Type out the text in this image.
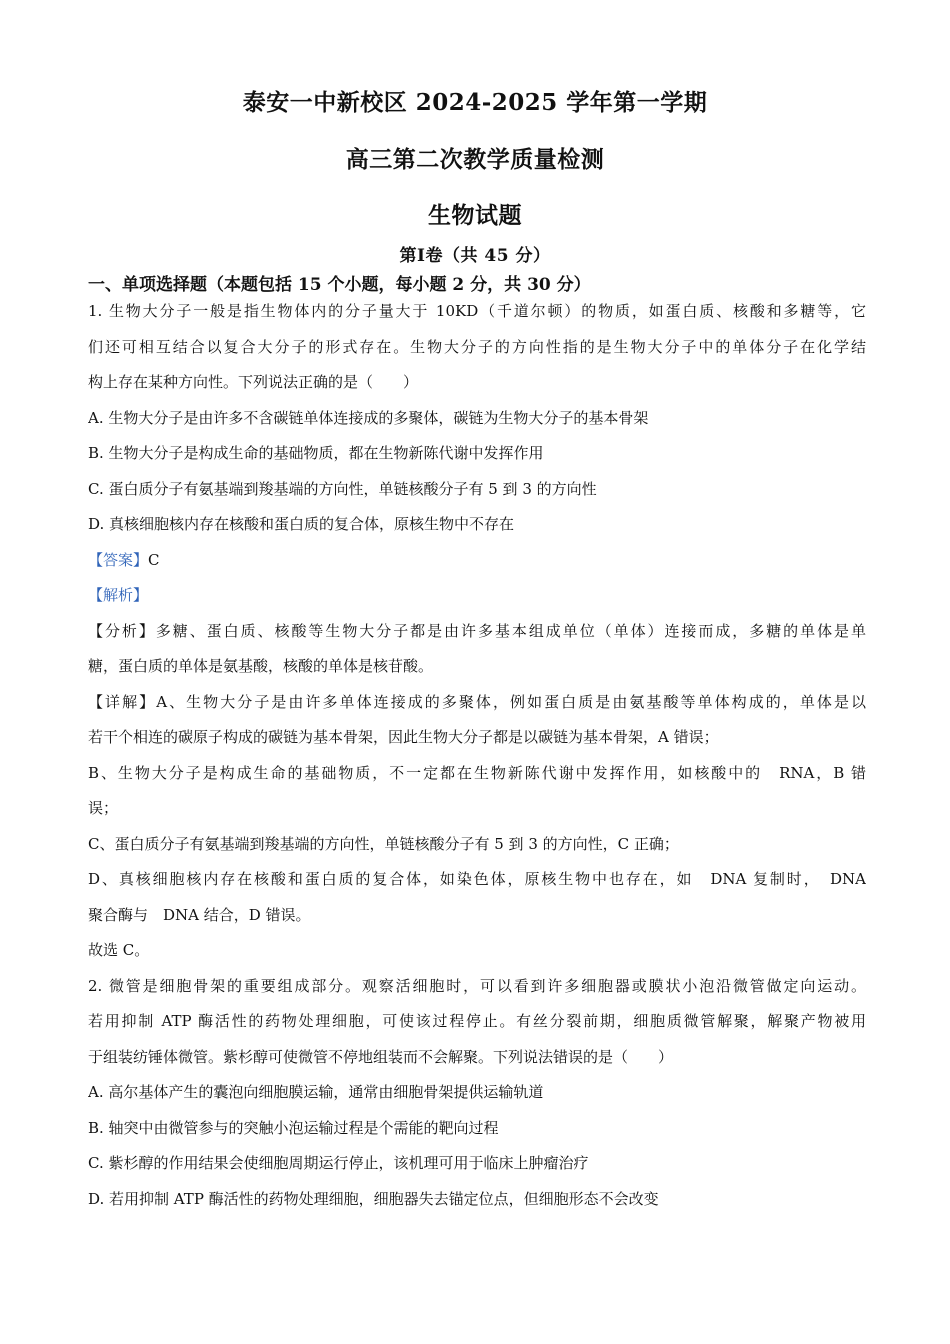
泰安一中新校区 2024-2025 学年第一学期
高三第二次教学质量检测
生物试题
第Ⅰ卷（共 45 分）
一、单项选择题（本题包括 15 个小题，每小题 2 分，共 30 分）
1. 生物大分子一般是指生物体内的分子量大于 10KD（千道尔顿）的物质，如蛋白质、核酸和多糖等，它
们还可相互结合以复合大分子的形式存在。生物大分子的方向性指的是生物大分子中的单体分子在化学结
构上存在某种方向性。下列说法正确的是（　　）
A. 生物大分子是由许多不含碳链单体连接成的多聚体，碳链为生物大分子的基本骨架
B. 生物大分子是构成生命的基础物质，都在生物新陈代谢中发挥作用
C. 蛋白质分子有氨基端到羧基端的方向性，单链核酸分子有 5 到 3 的方向性
D. 真核细胞核内存在核酸和蛋白质的复合体，原核生物中不存在
【答案】C
【解析】
【分析】多糖、蛋白质、核酸等生物大分子都是由许多基本组成单位（单体）连接而成，多糖的单体是单
糖，蛋白质的单体是氨基酸，核酸的单体是核苷酸。
【详解】A、生物大分子是由许多单体连接成的多聚体，例如蛋白质是由氨基酸等单体构成的，单体是以
若干个相连的碳原子构成的碳链为基本骨架，因此生物大分子都是以碳链为基本骨架，A 错误；
B、生物大分子是构成生命的基础物质，不一定都在生物新陈代谢中发挥作用，如核酸中的　RNA，B 错
误；
C、蛋白质分子有氨基端到羧基端的方向性，单链核酸分子有 5 到 3 的方向性，C 正确；
D、真核细胞核内存在核酸和蛋白质的复合体，如染色体，原核生物中也存在，如　DNA 复制时，　DNA
聚合酶与　DNA 结合，D 错误。
故选 C。
2. 微管是细胞骨架的重要组成部分。观察活细胞时，可以看到许多细胞器或膜状小泡沿微管做定向运动。
若用抑制 ATP 酶活性的药物处理细胞，可使该过程停止。有丝分裂前期，细胞质微管解聚，解聚产物被用
于组装纺锤体微管。紫杉醇可使微管不停地组装而不会解聚。下列说法错误的是（　　）
A. 高尔基体产生的囊泡向细胞膜运输，通常由细胞骨架提供运输轨道
B. 轴突中由微管参与的突触小泡运输过程是个需能的靶向过程
C. 紫杉醇的作用结果会使细胞周期运行停止，该机理可用于临床上肿瘤治疗
D. 若用抑制 ATP 酶活性的药物处理细胞，细胞器失去锚定位点，但细胞形态不会改变
